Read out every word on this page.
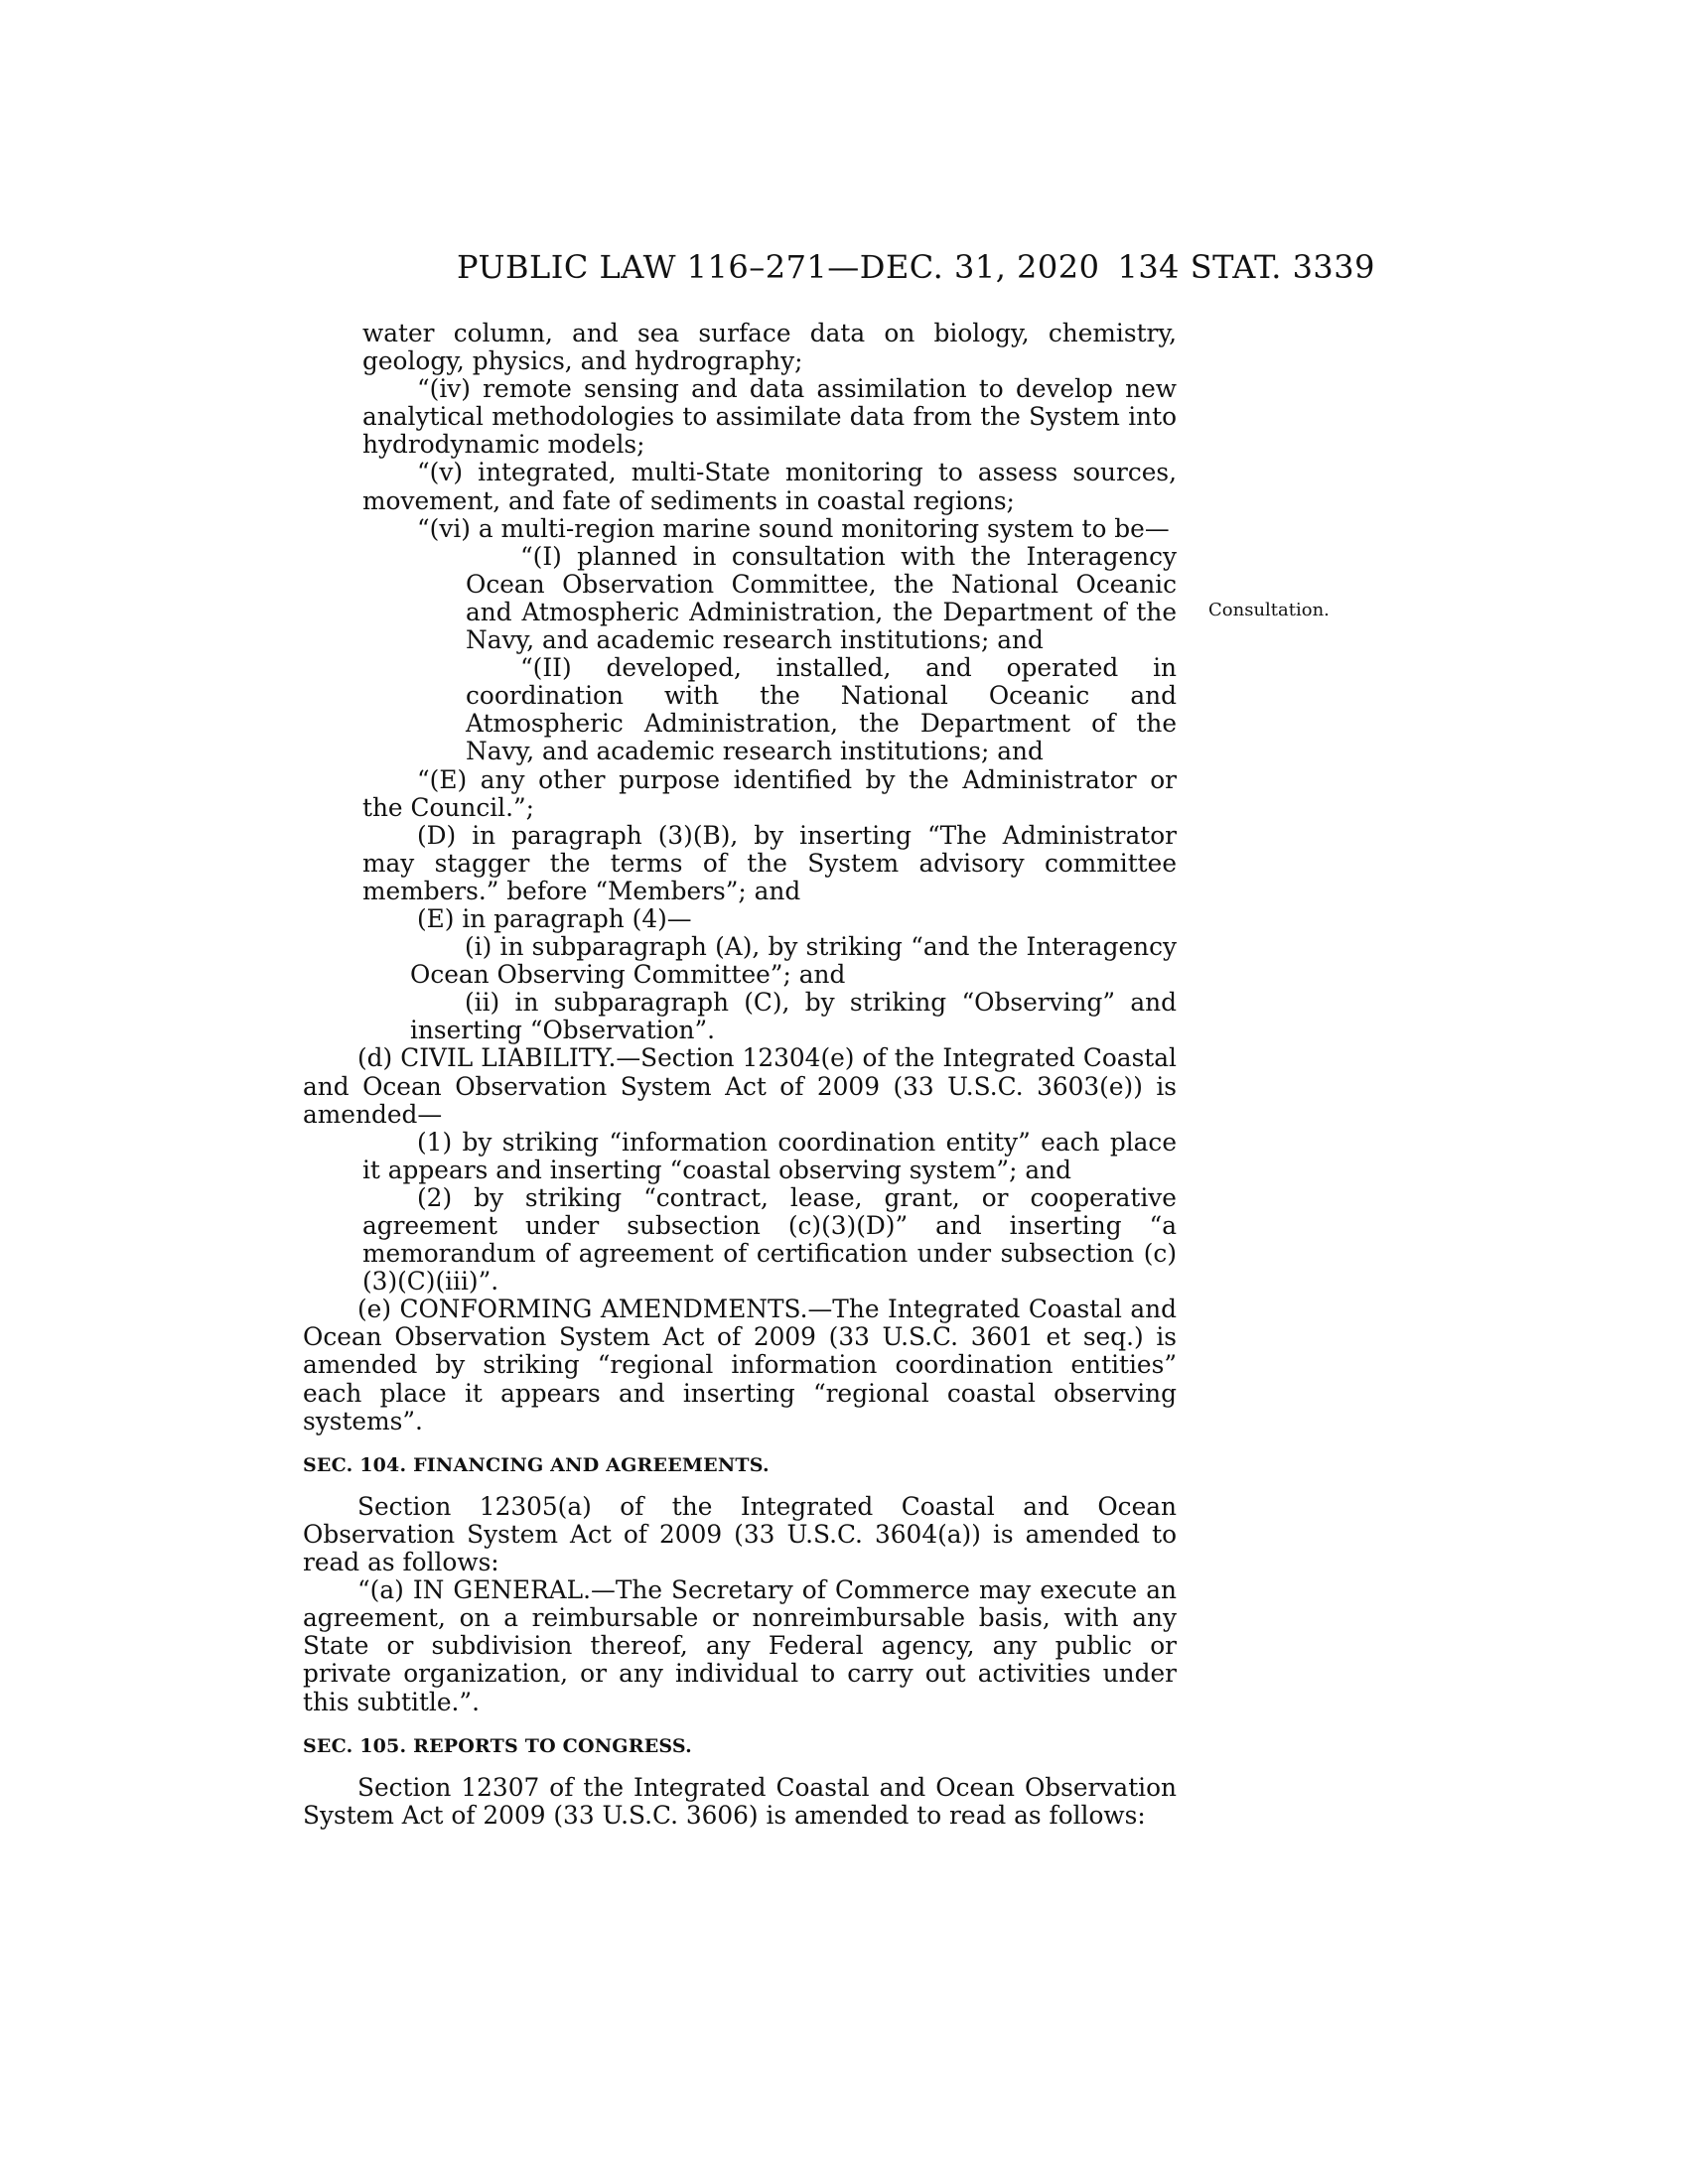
PUBLIC LAW 116–271—DEC. 31, 2020 134 STAT. 3339
Consultation.

water column, and sea surface data on biology, chemistry, geology, physics, and hydrography;

“(iv) remote sensing and data assimilation to develop new analytical methodologies to assimilate data from the System into hydrodynamic models;

“(v) integrated, multi-State monitoring to assess sources, movement, and fate of sediments in coastal regions;

“(vi) a multi-region marine sound monitoring system to be—

“(I) planned in consultation with the Interagency Ocean Observation Committee, the National Oceanic and Atmospheric Administration, the Department of the Navy, and academic research institutions; and

“(II) developed, installed, and operated in coordination with the National Oceanic and Atmospheric Administration, the Department of the Navy, and academic research institutions; and

“(E) any other purpose identified by the Administrator or the Council.”;

(D) in paragraph (3)(B), by inserting “The Administrator may stagger the terms of the System advisory committee members.” before “Members”; and

(E) in paragraph (4)—

(i) in subparagraph (A), by striking “and the Interagency Ocean Observing Committee”; and

(ii) in subparagraph (C), by striking “Observing” and inserting “Observation”.

(d) CIVIL LIABILITY.—Section 12304(e) of the Integrated Coastal and Ocean Observation System Act of 2009 (33 U.S.C. 3603(e)) is amended—

(1) by striking “information coordination entity” each place it appears and inserting “coastal observing system”; and

(2) by striking “contract, lease, grant, or cooperative agreement under subsection (c)(3)(D)” and inserting “a memorandum of agreement of certification under subsection (c)(3)(C)(iii)”.

(e) CONFORMING AMENDMENTS.—The Integrated Coastal and Ocean Observation System Act of 2009 (33 U.S.C. 3601 et seq.) is amended by striking “regional information coordination entities” each place it appears and inserting “regional coastal observing systems”.

SEC. 104. FINANCING AND AGREEMENTS.

Section 12305(a) of the Integrated Coastal and Ocean Observation System Act of 2009 (33 U.S.C. 3604(a)) is amended to read as follows:

“(a) IN GENERAL.—The Secretary of Commerce may execute an agreement, on a reimbursable or nonreimbursable basis, with any State or subdivision thereof, any Federal agency, any public or private organization, or any individual to carry out activities under this subtitle.”.

SEC. 105. REPORTS TO CONGRESS.

Section 12307 of the Integrated Coastal and Ocean Observation System Act of 2009 (33 U.S.C. 3606) is amended to read as follows:
